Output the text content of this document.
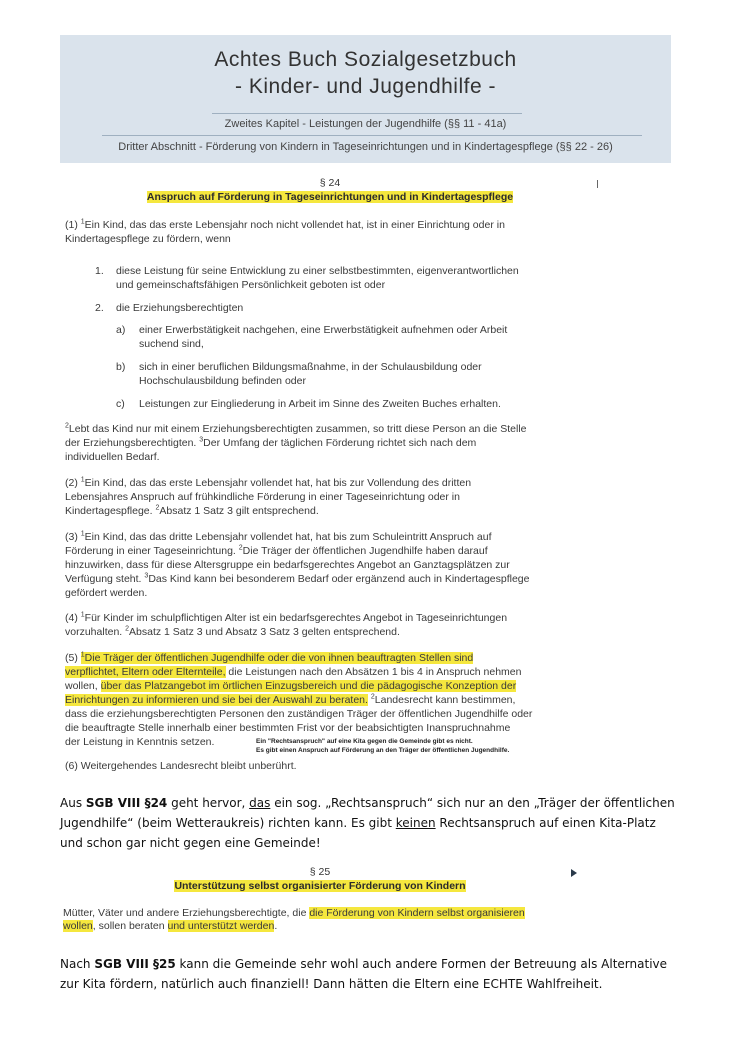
Achtes Buch Sozialgesetzbuch
- Kinder- und Jugendhilfe -
Zweites Kapitel - Leistungen der Jugendhilfe (§§ 11 - 41a)
Dritter Abschnitt - Förderung von Kindern in Tageseinrichtungen und in Kindertagespflege (§§ 22 - 26)
§ 24
Anspruch auf Förderung in Tageseinrichtungen und in Kindertagespflege
(1) $^1$Ein Kind, das das erste Lebensjahr noch nicht vollendet hat, ist in einer Einrichtung oder in
Kindertagespflege zu fördern, wenn
1. diese Leistung für seine Entwicklung zu einer selbstbestimmten, eigenverantwortlichen
und gemeinschaftsfähigen Persönlichkeit geboten ist oder
2. die Erziehungsberechtigten
a) einer Erwerbstätigkeit nachgehen, eine Erwerbstätigkeit aufnehmen oder Arbeit
suchend sind,
b) sich in einer beruflichen Bildungsmaßnahme, in der Schulausbildung oder
Hochschulausbildung befinden oder
c) Leistungen zur Eingliederung in Arbeit im Sinne des Zweiten Buches erhalten.
$^2$Lebt das Kind nur mit einem Erziehungsberechtigten zusammen, so tritt diese Person an die Stelle
der Erziehungsberechtigten. $^3$Der Umfang der täglichen Förderung richtet sich nach dem
individuellen Bedarf.
(2) $^1$Ein Kind, das das erste Lebensjahr vollendet hat, hat bis zur Vollendung des dritten
Lebensjahres Anspruch auf frühkindliche Förderung in einer Tageseinrichtung oder in
Kindertagespflege. $^2$Absatz 1 Satz 3 gilt entsprechend.
(3) $^1$Ein Kind, das das dritte Lebensjahr vollendet hat, hat bis zum Schuleintritt Anspruch auf
Förderung in einer Tageseinrichtung. $^2$Die Träger der öffentlichen Jugendhilfe haben darauf
hinzuwirken, dass für diese Altersgruppe ein bedarfsgerechtes Angebot an Ganztagsplätzen zur
Verfügung steht. $^3$Das Kind kann bei besonderem Bedarf oder ergänzend auch in Kindertagespflege
gefördert werden.
(4) $^1$Für Kinder im schulpflichtigen Alter ist ein bedarfsgerechtes Angebot in Tageseinrichtungen
vorzuhalten. $^2$Absatz 1 Satz 3 und Absatz 3 Satz 3 gelten entsprechend.
(5) $^1$Die Träger der öffentlichen Jugendhilfe oder die von ihnen beauftragten Stellen sind
verpflichtet, Eltern oder Elternteile, die Leistungen nach den Absätzen 1 bis 4 in Anspruch nehmen
wollen, über das Platzangebot im örtlichen Einzugsbereich und die pädagogische Konzeption der
Einrichtungen zu informieren und sie bei der Auswahl zu beraten. $^2$Landesrecht kann bestimmen,
dass die erziehungsberechtigten Personen den zuständigen Träger der öffentlichen Jugendhilfe oder
die beauftragte Stelle innerhalb einer bestimmten Frist vor der beabsichtigten Inanspruchnahme
der Leistung in Kenntnis setzen.	Ein "Rechtsanspruch" auf eine Kita gegen die Gemeinde gibt es nicht.
Es gibt einen Anspruch auf Förderung an den Träger der öffentlichen Jugendhilfe.
(6) Weitergehendes Landesrecht bleibt unberührt.
Aus SGB VIII §24 geht hervor, das ein sog. „Rechtsanspruch“ sich nur an den „Träger der öffentlichen
Jugendhilfe“ (beim Wetteraukreis) richten kann. Es gibt keinen Rechtsanspruch auf einen Kita-Platz
und schon gar nicht gegen eine Gemeinde!
§ 25
Unterstützung selbst organisierter Förderung von Kindern
Mütter, Väter und andere Erziehungsberechtigte, die die Förderung von Kindern selbst organisieren
wollen, sollen beraten und unterstützt werden.
Nach SGB VIII §25 kann die Gemeinde sehr wohl auch andere Formen der Betreuung als Alternative
zur Kita fördern, natürlich auch finanziell! Dann hätten die Eltern eine ECHTE Wahlfreiheit.
